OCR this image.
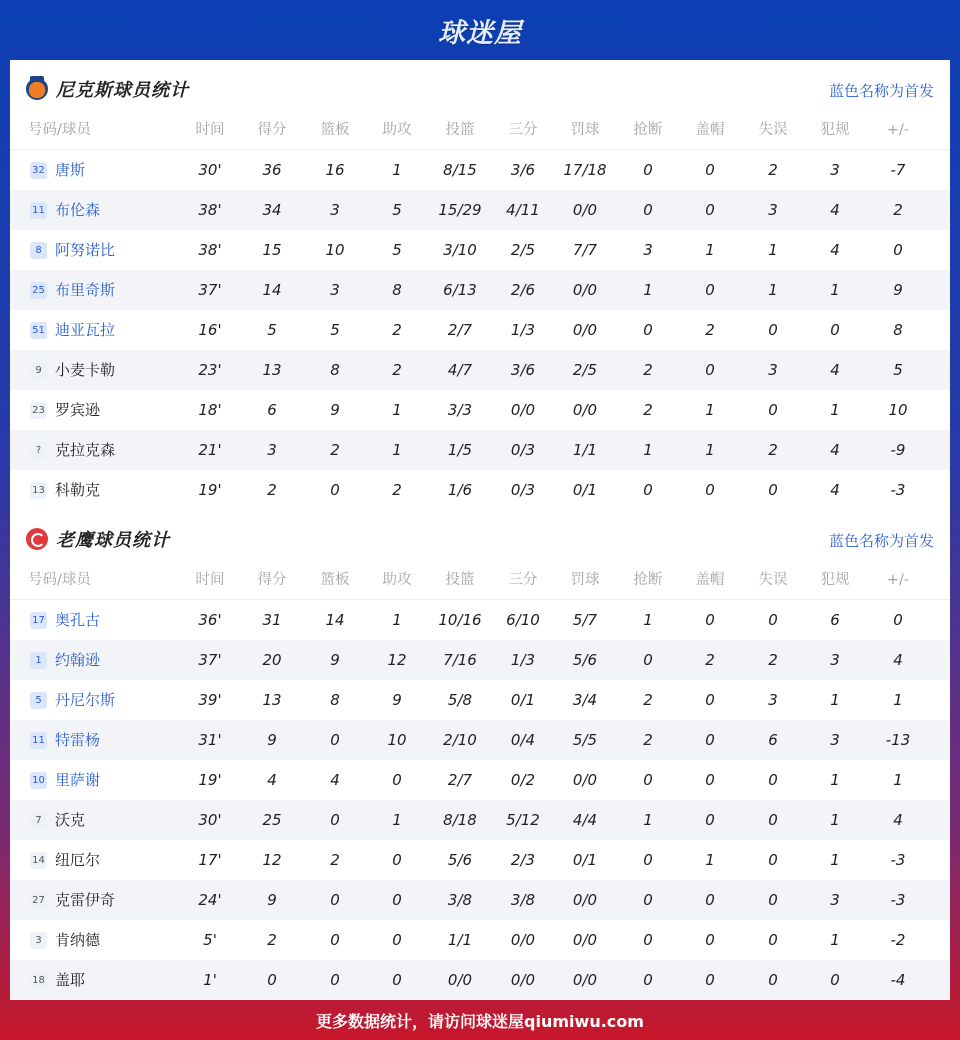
球迷屋
尼克斯球员统计	蓝色名称为首发
号码/球员	时间	得分	篮板	助攻	投篮	三分	罚球	抢断	盖帽	失误	犯规	+/-
32 唐斯	30'	36	16	1	8/15	3/6	17/18	0	0	2	3	-7
11 布伦森	38'	34	3	5	15/29	4/11	0/0	0	0	3	4	2
8 阿努诺比	38'	15	10	5	3/10	2/5	7/7	3	1	1	4	0
25 布里奇斯	37'	14	3	8	6/13	2/6	0/0	1	0	1	1	9
51 迪亚瓦拉	16'	5	5	2	2/7	1/3	0/0	0	2	0	0	8
9 小麦卡勒	23'	13	8	2	4/7	3/6	2/5	2	0	3	4	5
23 罗宾逊	18'	6	9	1	3/3	0/0	0/0	2	1	0	1	10
? 克拉克森	21'	3	2	1	1/5	0/3	1/1	1	1	2	4	-9
13 科勒克	19'	2	0	2	1/6	0/3	0/1	0	0	0	4	-3
老鹰球员统计	蓝色名称为首发
号码/球员	时间	得分	篮板	助攻	投篮	三分	罚球	抢断	盖帽	失误	犯规	+/-
17 奥孔古	36'	31	14	1	10/16	6/10	5/7	1	0	0	6	0
1 约翰逊	37'	20	9	12	7/16	1/3	5/6	0	2	2	3	4
5 丹尼尔斯	39'	13	8	9	5/8	0/1	3/4	2	0	3	1	1
11 特雷杨	31'	9	0	10	2/10	0/4	5/5	2	0	6	3	-13
10 里萨谢	19'	4	4	0	2/7	0/2	0/0	0	0	0	1	1
7 沃克	30'	25	0	1	8/18	5/12	4/4	1	0	0	1	4
14 纽厄尔	17'	12	2	0	5/6	2/3	0/1	0	1	0	1	-3
27 克雷伊奇	24'	9	0	0	3/8	3/8	0/0	0	0	0	3	-3
3 肯纳德	5'	2	0	0	1/1	0/0	0/0	0	0	0	1	-2
18 盖耶	1'	0	0	0	0/0	0/0	0/0	0	0	0	0	-4
更多数据统计，请访问球迷屋qiumiwu.com
